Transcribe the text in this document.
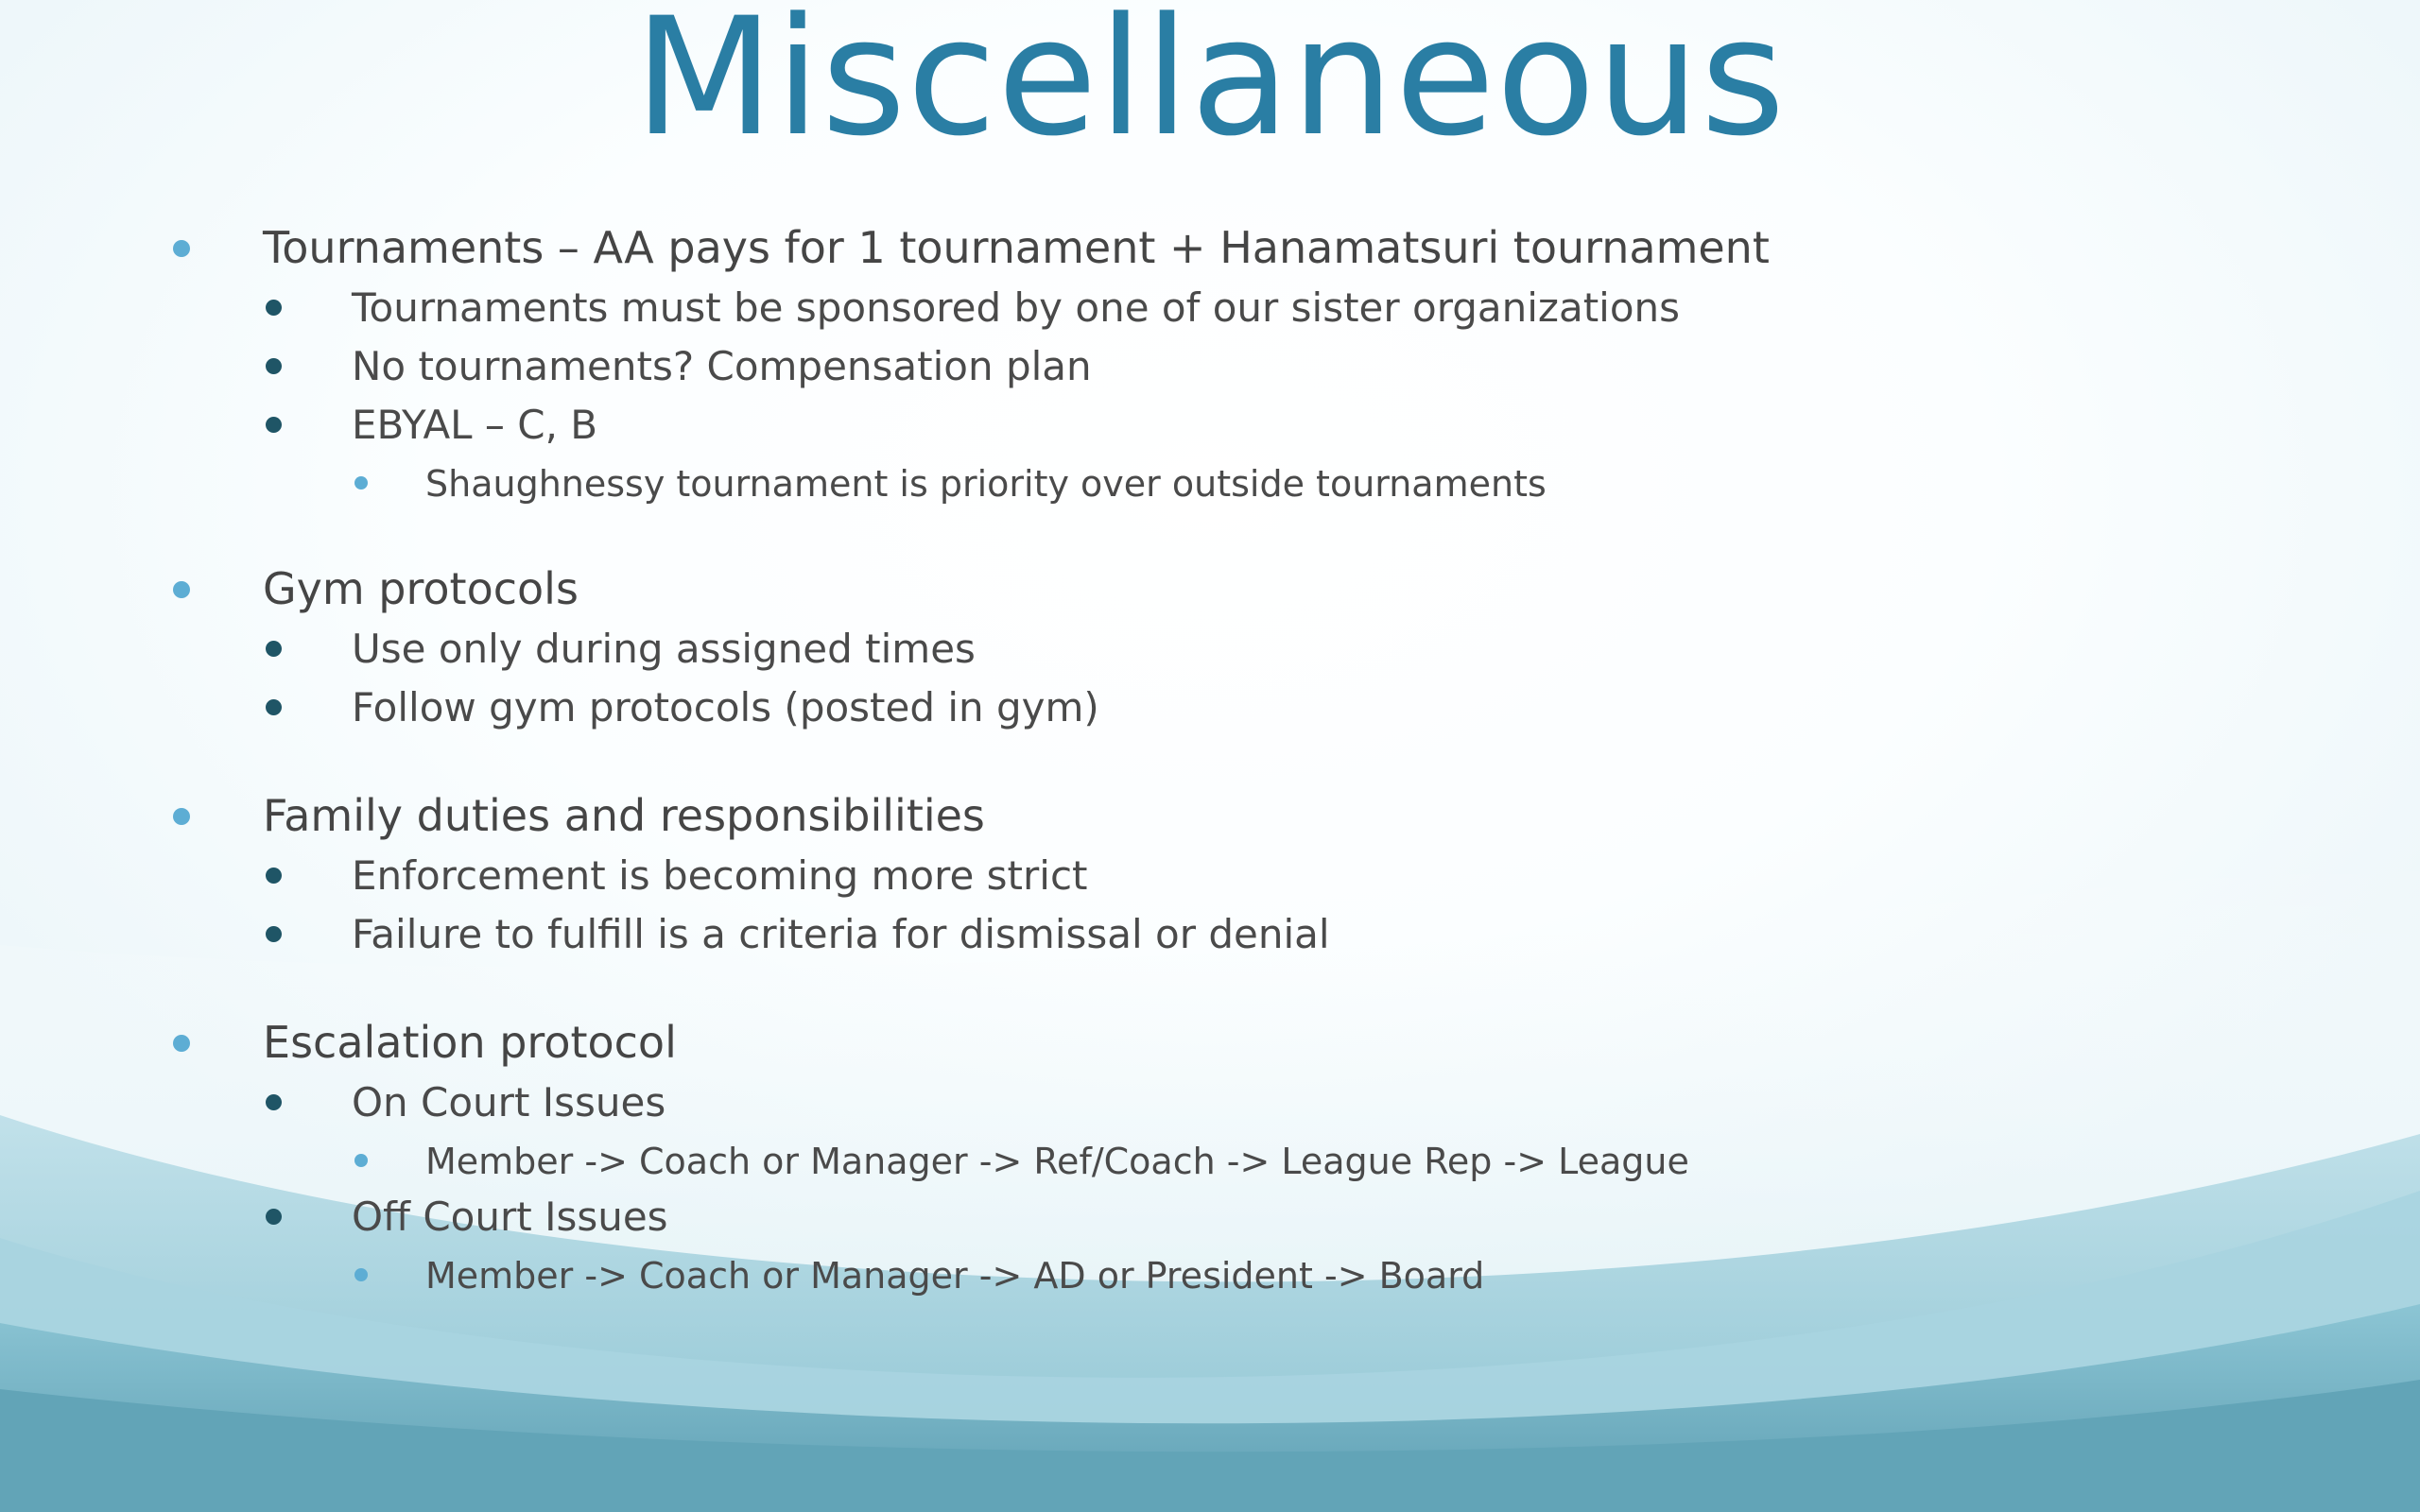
Miscellaneous
Tournaments – AA pays for 1 tournament + Hanamatsuri tournament
Tournaments must be sponsored by one of our sister organizations
No tournaments? Compensation plan
EBYAL – C, B
Shaughnessy tournament is priority over outside tournaments
Gym protocols
Use only during assigned times
Follow gym protocols (posted in gym)
Family duties and responsibilities
Enforcement is becoming more strict
Failure to fulfill is a criteria for dismissal or denial
Escalation protocol
On Court Issues
Member -> Coach or Manager -> Ref/Coach -> League Rep -> League
Off Court Issues
Member -> Coach or Manager -> AD or President -> Board
